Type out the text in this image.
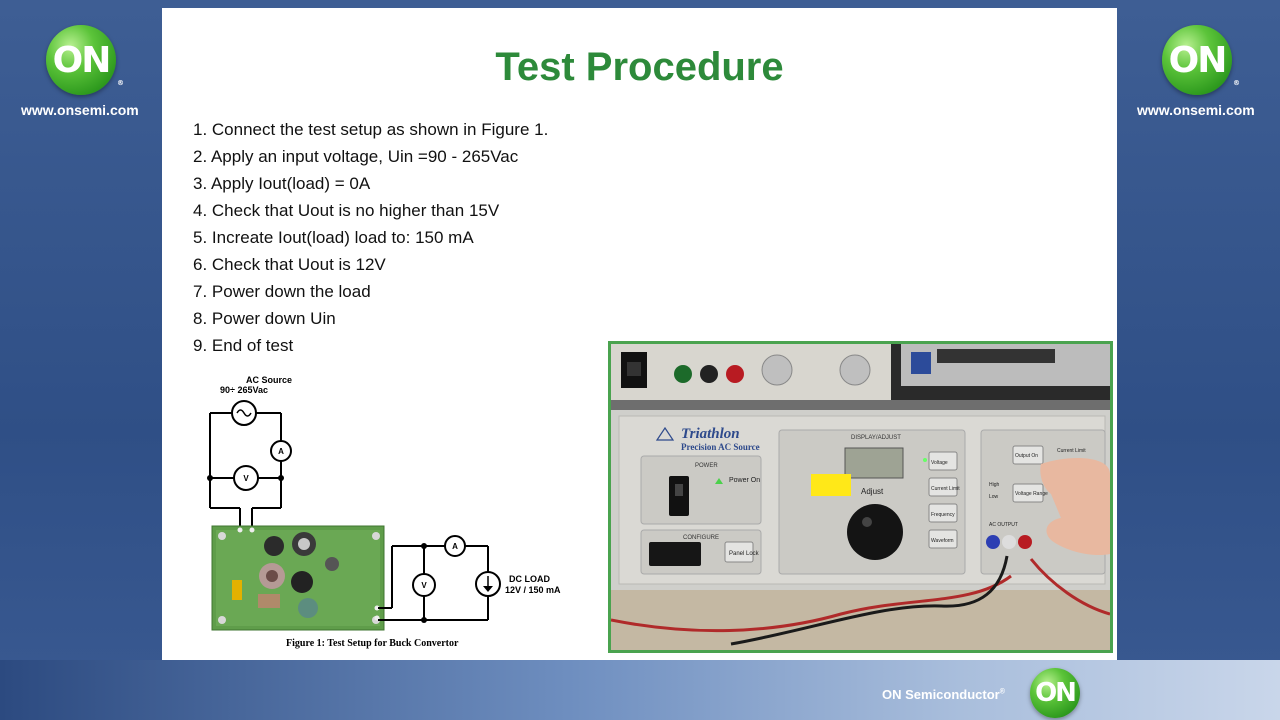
ON
®
www.onsemi.com
ON
®
www.onsemi.com
Test Procedure
1. Connect the test setup as shown in Figure 1.
2. Apply an input voltage, Uin =90 - 265Vac
3. Apply Iout(load) = 0A
4. Check that Uout is no higher than 15V
5. Increate Iout(load) load to: 150 mA
6. Check that Uout is 12V
7. Power down the load
8. Power down Uin
9. End of test
AC Source
90÷ 265Vac
A
V
A
V
DC LOAD
12V / 150 mA
Figure 1: Test Setup for Buck Convertor
Triathlon
Precision AC Source
POWER
Power On
CONFIGURE
Panel Lock
DISPLAY/ADJUST
Adjust
Voltage
Current Limit
Frequency
Waveform
Output On
Current Limit
High
Low	Voltage Range
AC OUTPUT
ON Semiconductor® ON
